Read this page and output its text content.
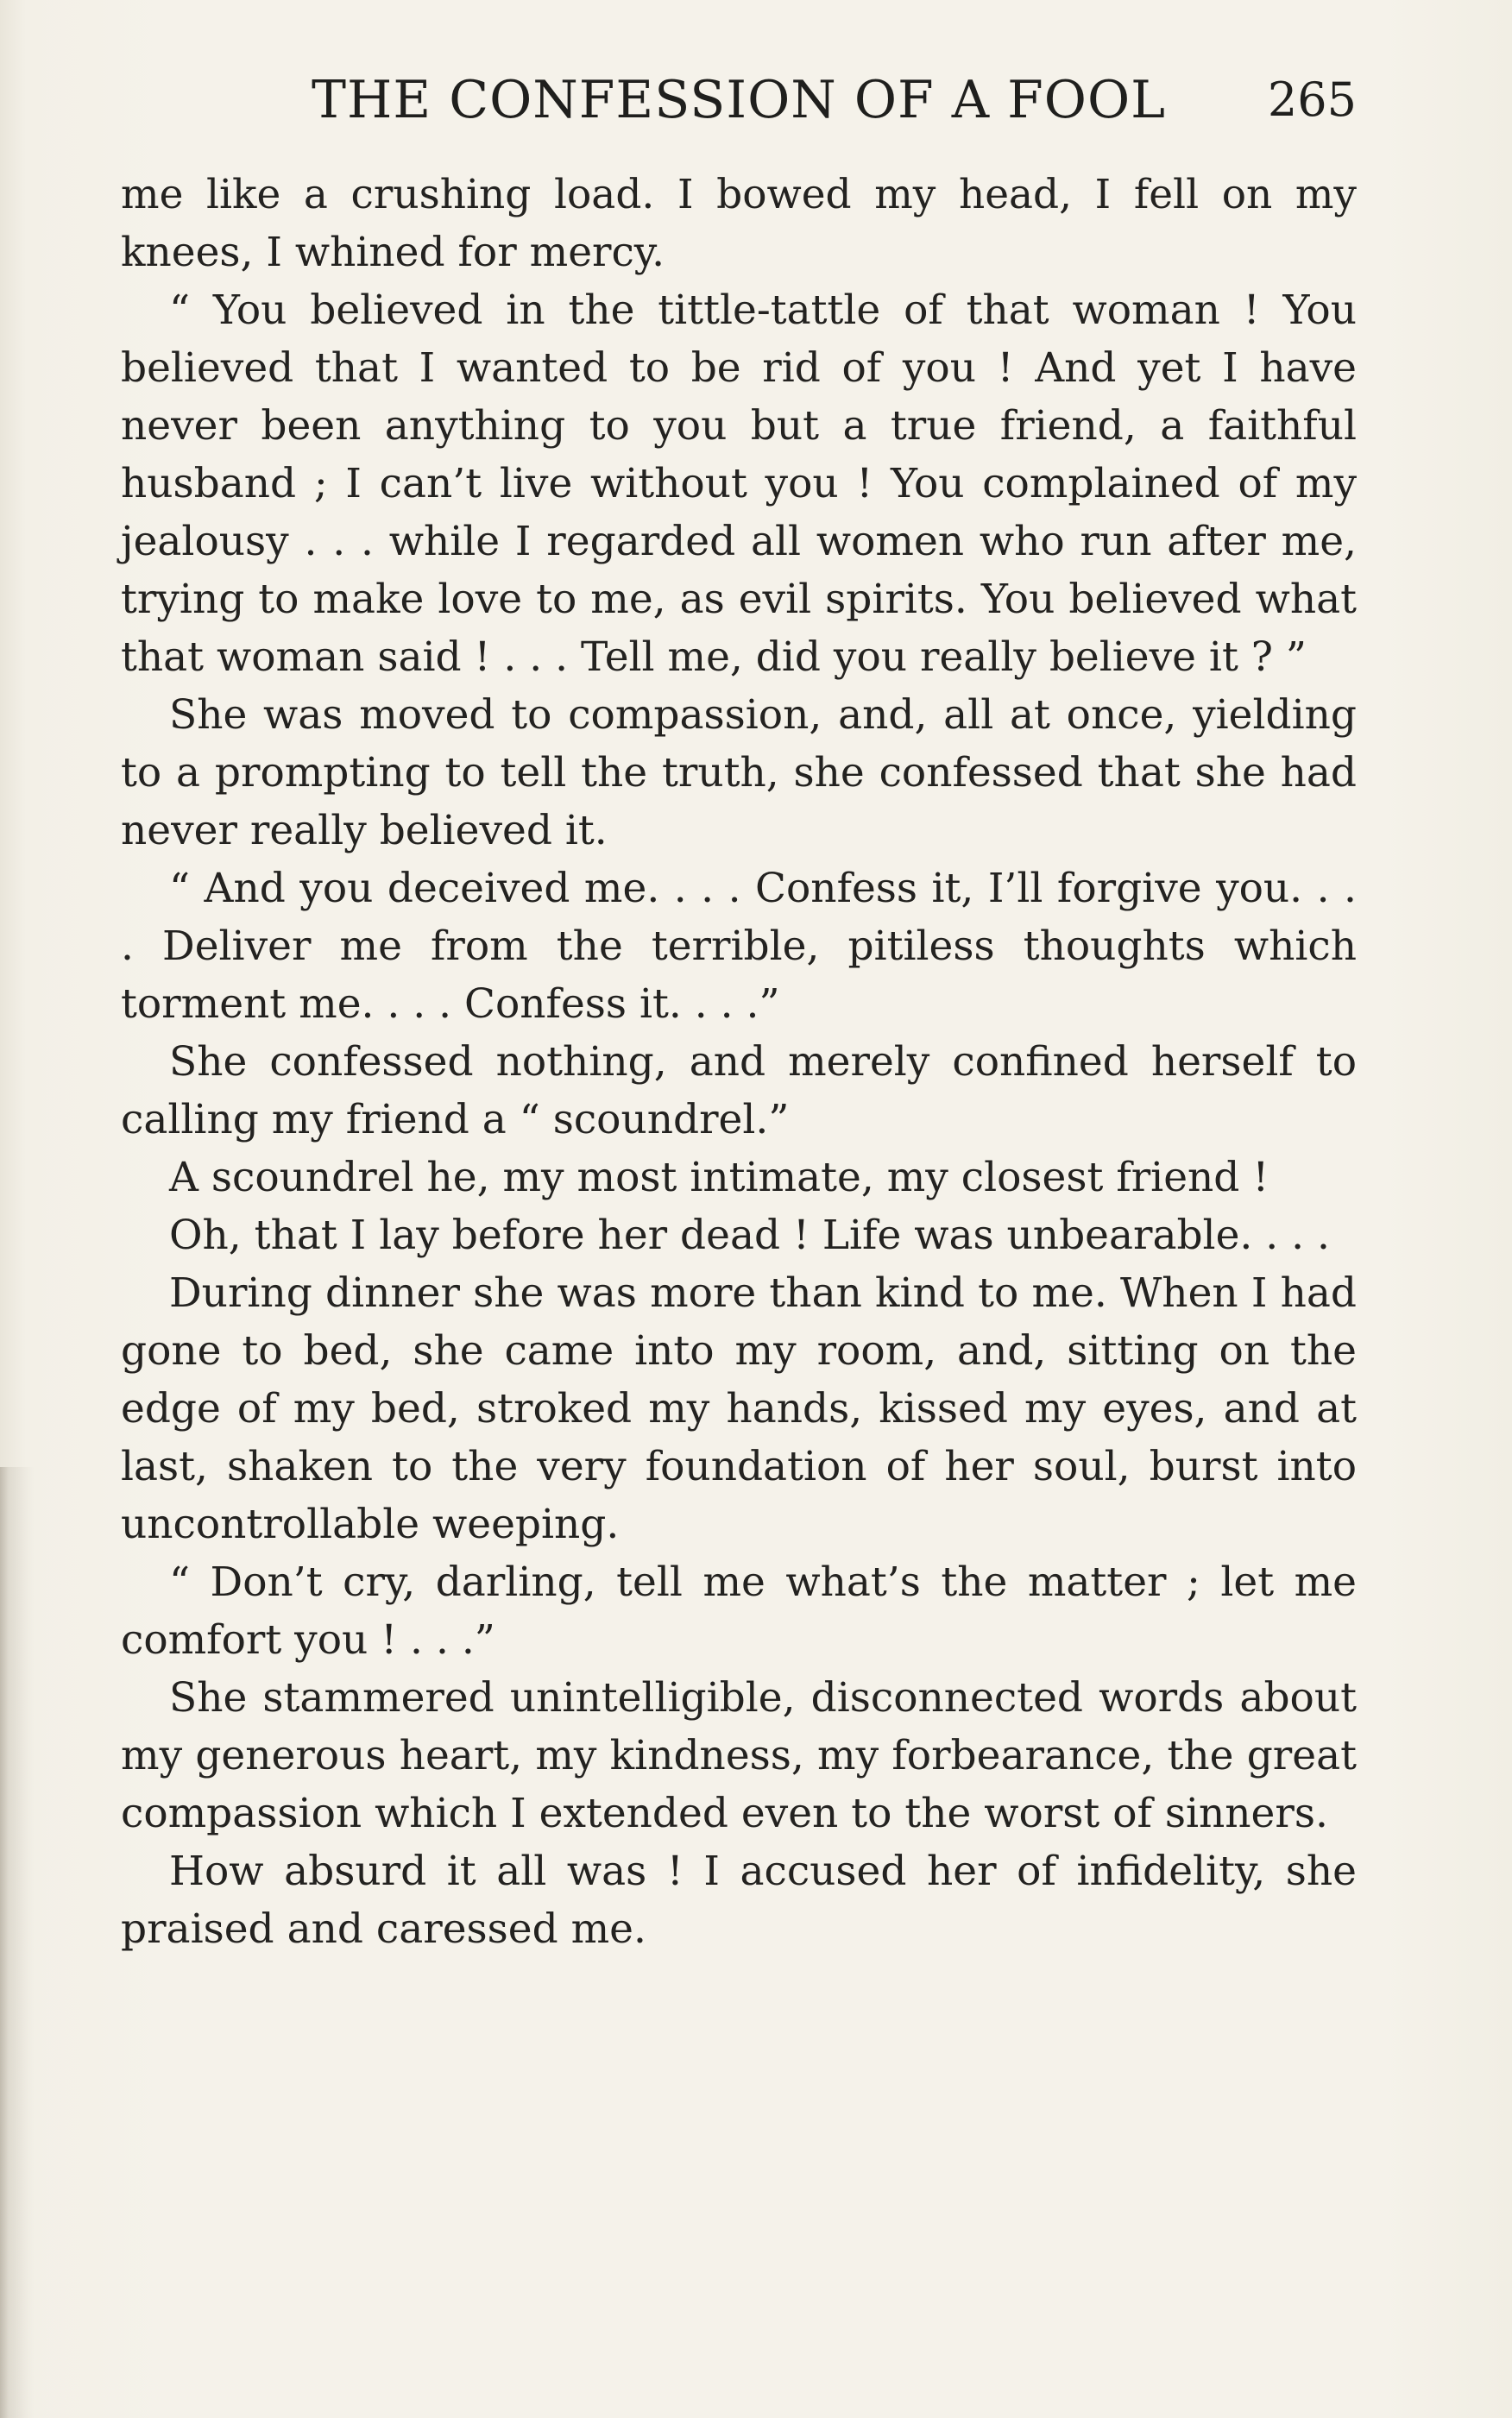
THE CONFESSION OF A FOOL	265

me like a crushing load. I bowed my head, I fell on my knees, I whined for mercy.

“ You believed in the tittle-tattle of that woman ! You believed that I wanted to be rid of you ! And yet I have never been anything to you but a true friend, a faithful husband ; I can’t live without you ! You complained of my jealousy . . . while I regarded all women who run after me, trying to make love to me, as evil spirits. You believed what that woman said ! . . . Tell me, did you really believe it ? ”

She was moved to compassion, and, all at once, yielding to a prompting to tell the truth, she confessed that she had never really believed it.

“ And you deceived me. . . . Confess it, I’ll forgive you. . . . Deliver me from the terrible, pitiless thoughts which torment me. . . . Confess it. . . .”

She confessed nothing, and merely confined herself to calling my friend a “ scoundrel.”

A scoundrel he, my most intimate, my closest friend !

Oh, that I lay before her dead ! Life was unbearable. . . .

During dinner she was more than kind to me. When I had gone to bed, she came into my room, and, sitting on the edge of my bed, stroked my hands, kissed my eyes, and at last, shaken to the very foundation of her soul, burst into uncontrollable weeping.

“ Don’t cry, darling, tell me what’s the matter ; let me comfort you ! . . .”

She stammered unintelligible, disconnected words about my generous heart, my kindness, my forbearance, the great compassion which I extended even to the worst of sinners.

How absurd it all was ! I accused her of infidelity, she praised and caressed me.
